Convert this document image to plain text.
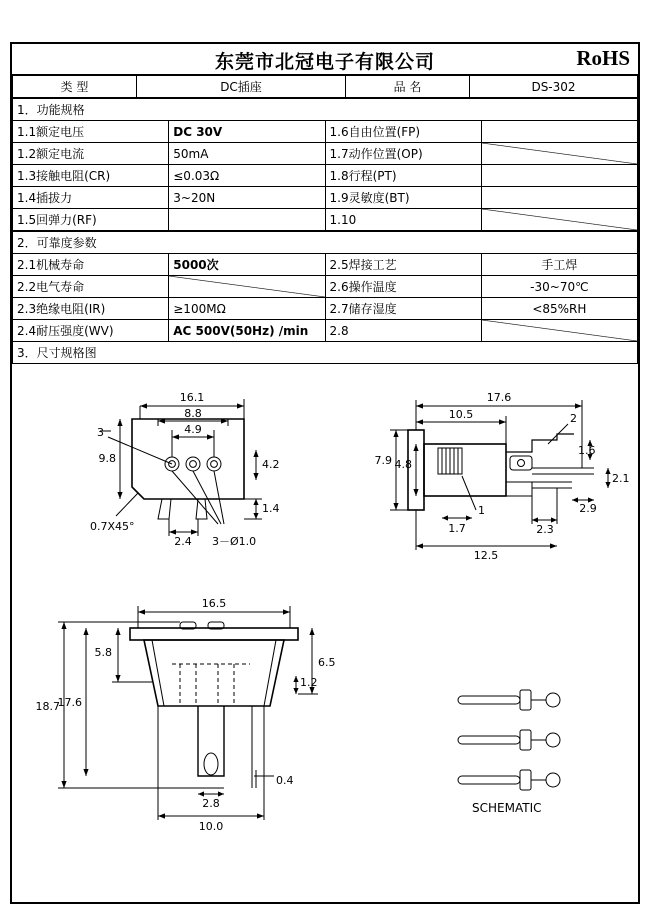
东莞市北冠电子有限公司	RoHS
类 型	DC插座	品 名	DS-302
1．功能规格			
1.1额定电压	DC 30V	1.6自由位置(FP)	
1.2额定电流	50mA	1.7动作位置(OP)	
1.3接触电阻(CR)	≤0.03Ω	1.8行程(PT)	
1.4插拔力	3~20N	1.9灵敏度(BT)	
1.5回弹力(RF)		1.10	
2．可靠度参数			
2.1机械寿命	5000次	2.5焊接工艺	手工焊
2.2电气寿命		2.6操作温度	-30~70℃
2.3绝缘电阻(IR)	≥100MΩ	2.7储存湿度	<85%RH
2.4耐压强度(WV)	AC 500V(50Hz) /min	2.8	
3．尺寸规格图			
16.1
8.8
4.9
3
9.8	4.2
1.4
2.4 3－Ø1.0
0.7X45°
17.6
10.5
7.9 4.8
2
1.6
2.1
2.9
2.3
1.7
12.5
1
16.5
5.8
17.6
18.7
6.5
1.2
2.8
10.0
0.4
SCHEMATIC
